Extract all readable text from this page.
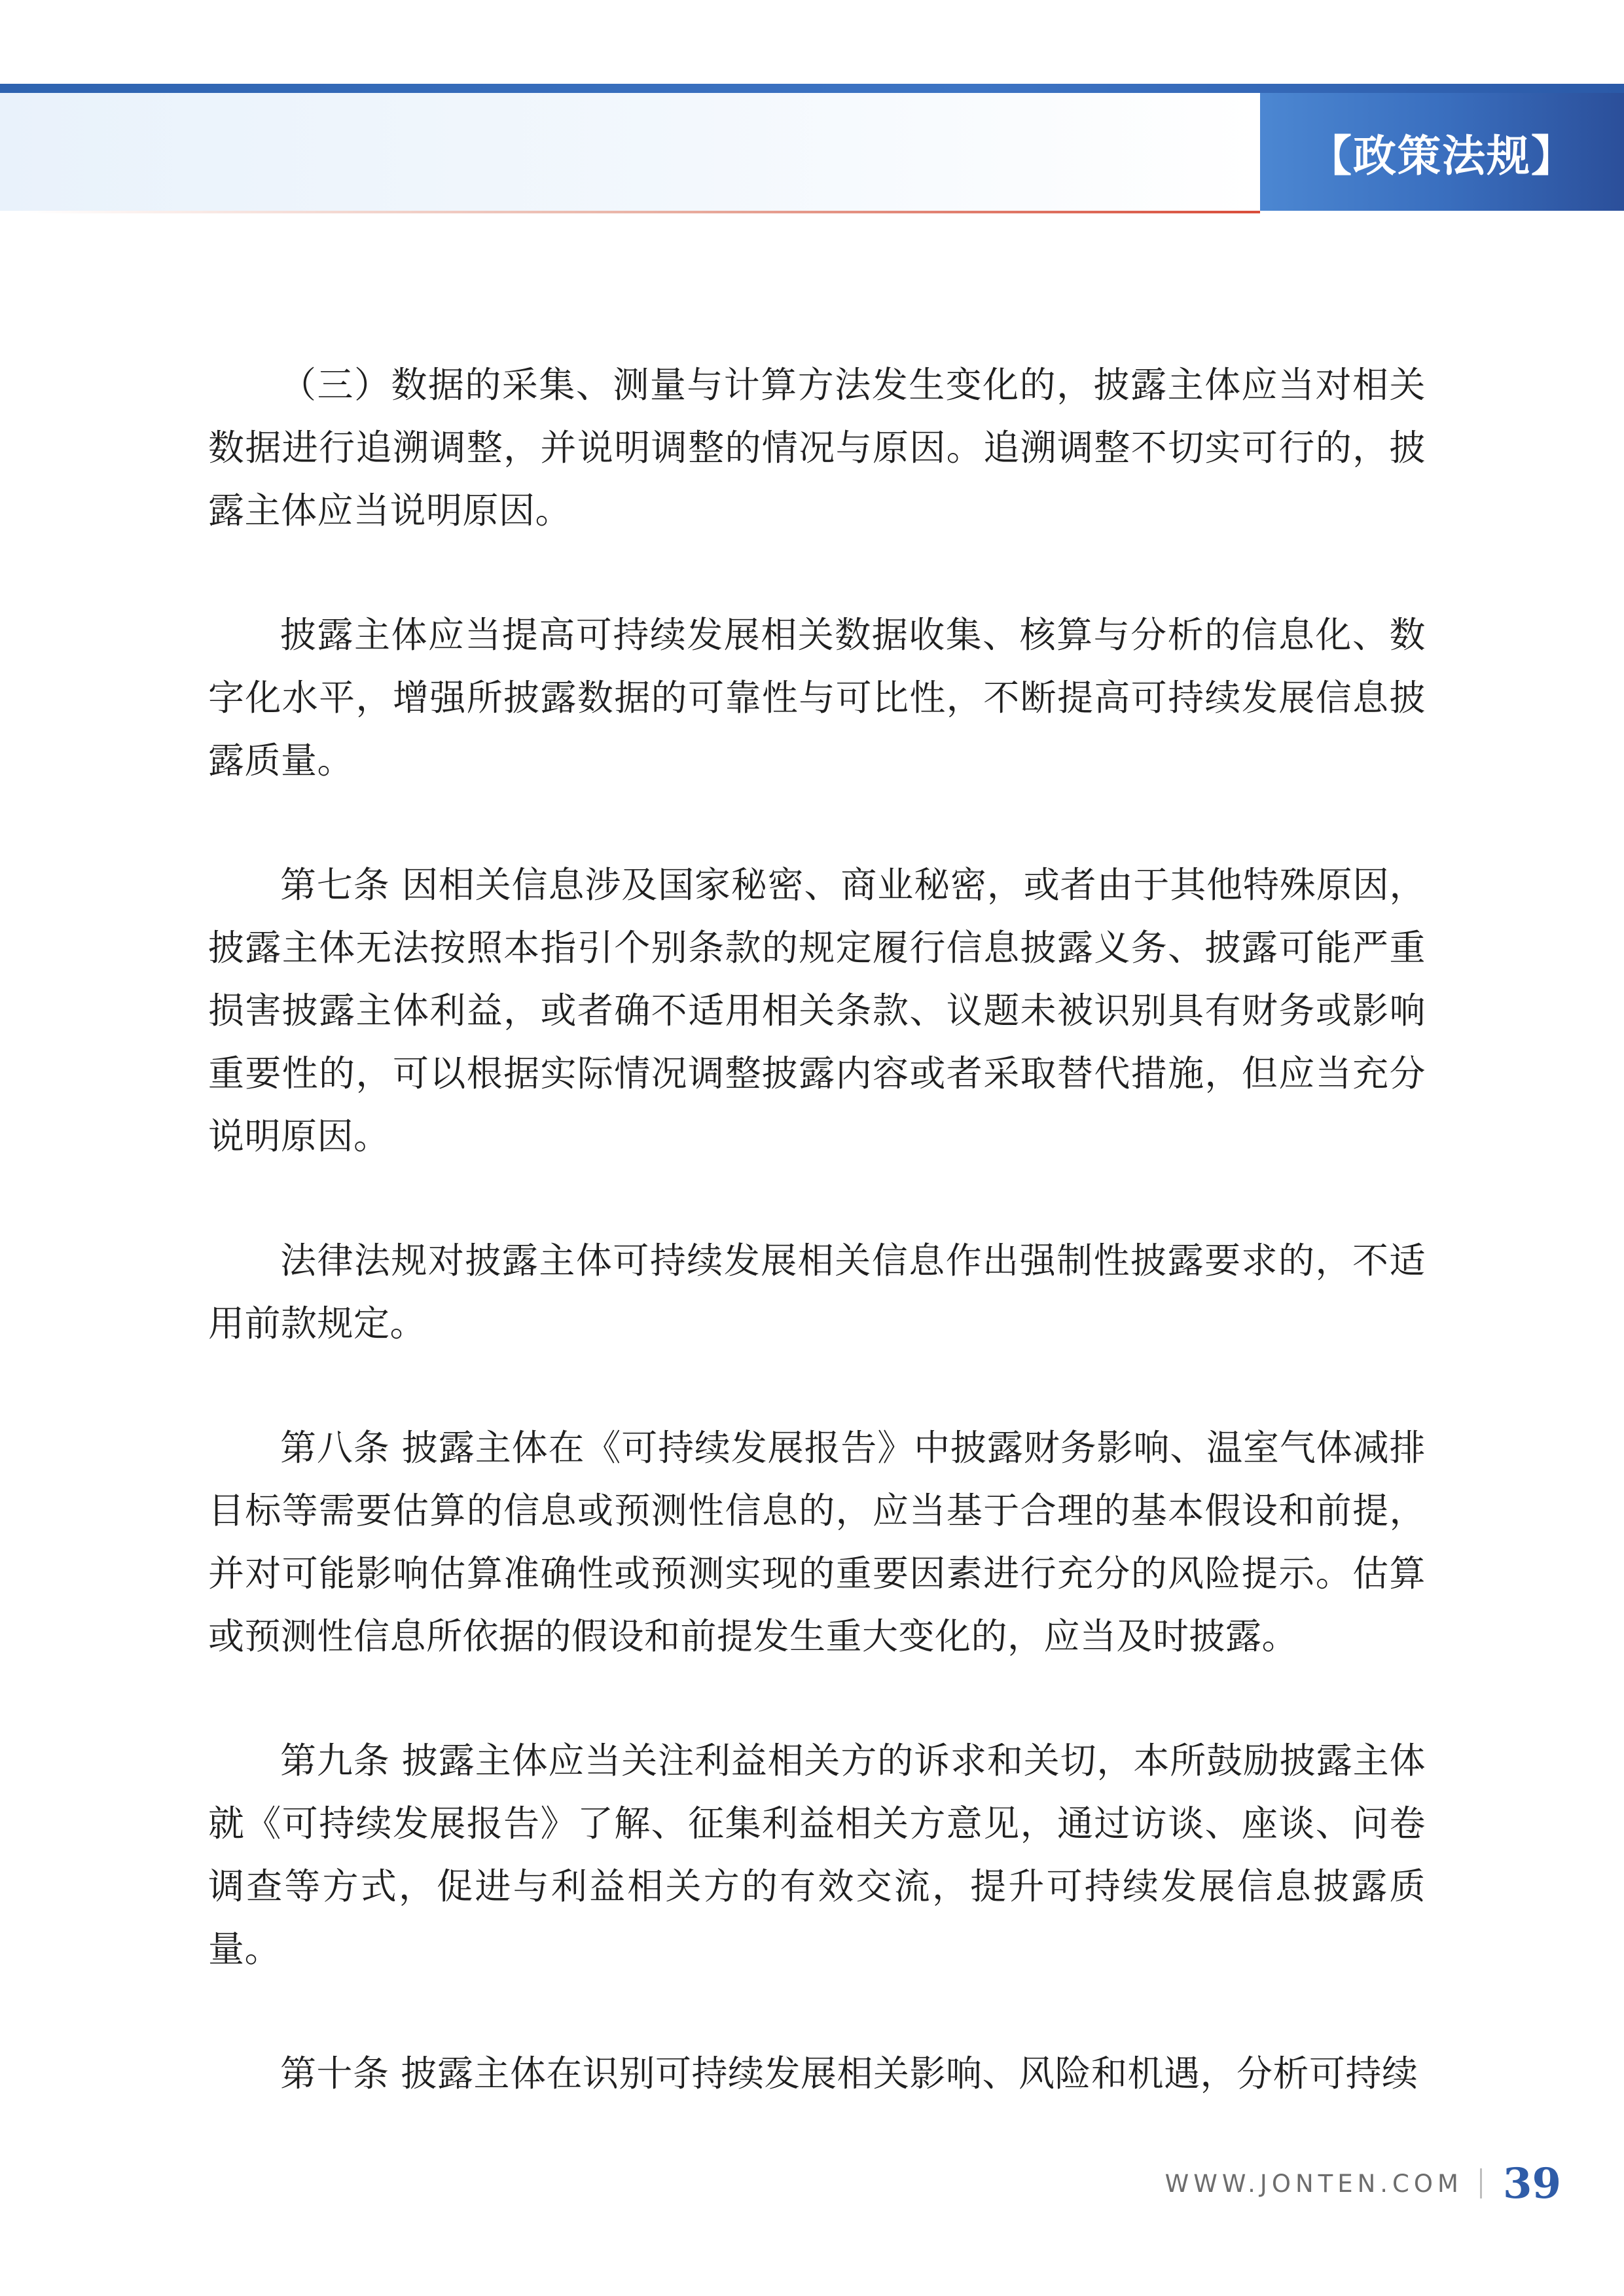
【政策法规】

（三）数据的采集、测量与计算方法发生变化的，披露主体应当对相关数据进行追溯调整，并说明调整的情况与原因。追溯调整不切实可行的，披露主体应当说明原因。

披露主体应当提高可持续发展相关数据收集、核算与分析的信息化、数字化水平，增强所披露数据的可靠性与可比性，不断提高可持续发展信息披露质量。

第七条 因相关信息涉及国家秘密、商业秘密，或者由于其他特殊原因，披露主体无法按照本指引个别条款的规定履行信息披露义务、披露可能严重损害披露主体利益，或者确不适用相关条款、议题未被识别具有财务或影响重要性的，可以根据实际情况调整披露内容或者采取替代措施，但应当充分说明原因。

法律法规对披露主体可持续发展相关信息作出强制性披露要求的，不适用前款规定。

第八条 披露主体在《可持续发展报告》中披露财务影响、温室气体减排目标等需要估算的信息或预测性信息的，应当基于合理的基本假设和前提，并对可能影响估算准确性或预测实现的重要因素进行充分的风险提示。估算或预测性信息所依据的假设和前提发生重大变化的，应当及时披露。

第九条 披露主体应当关注利益相关方的诉求和关切，本所鼓励披露主体就《可持续发展报告》了解、征集利益相关方意见，通过访谈、座谈、问卷调查等方式，促进与利益相关方的有效交流，提升可持续发展信息披露质量。

第十条 披露主体在识别可持续发展相关影响、风险和机遇，分析可持续

WWW.JONTEN.COM 39
